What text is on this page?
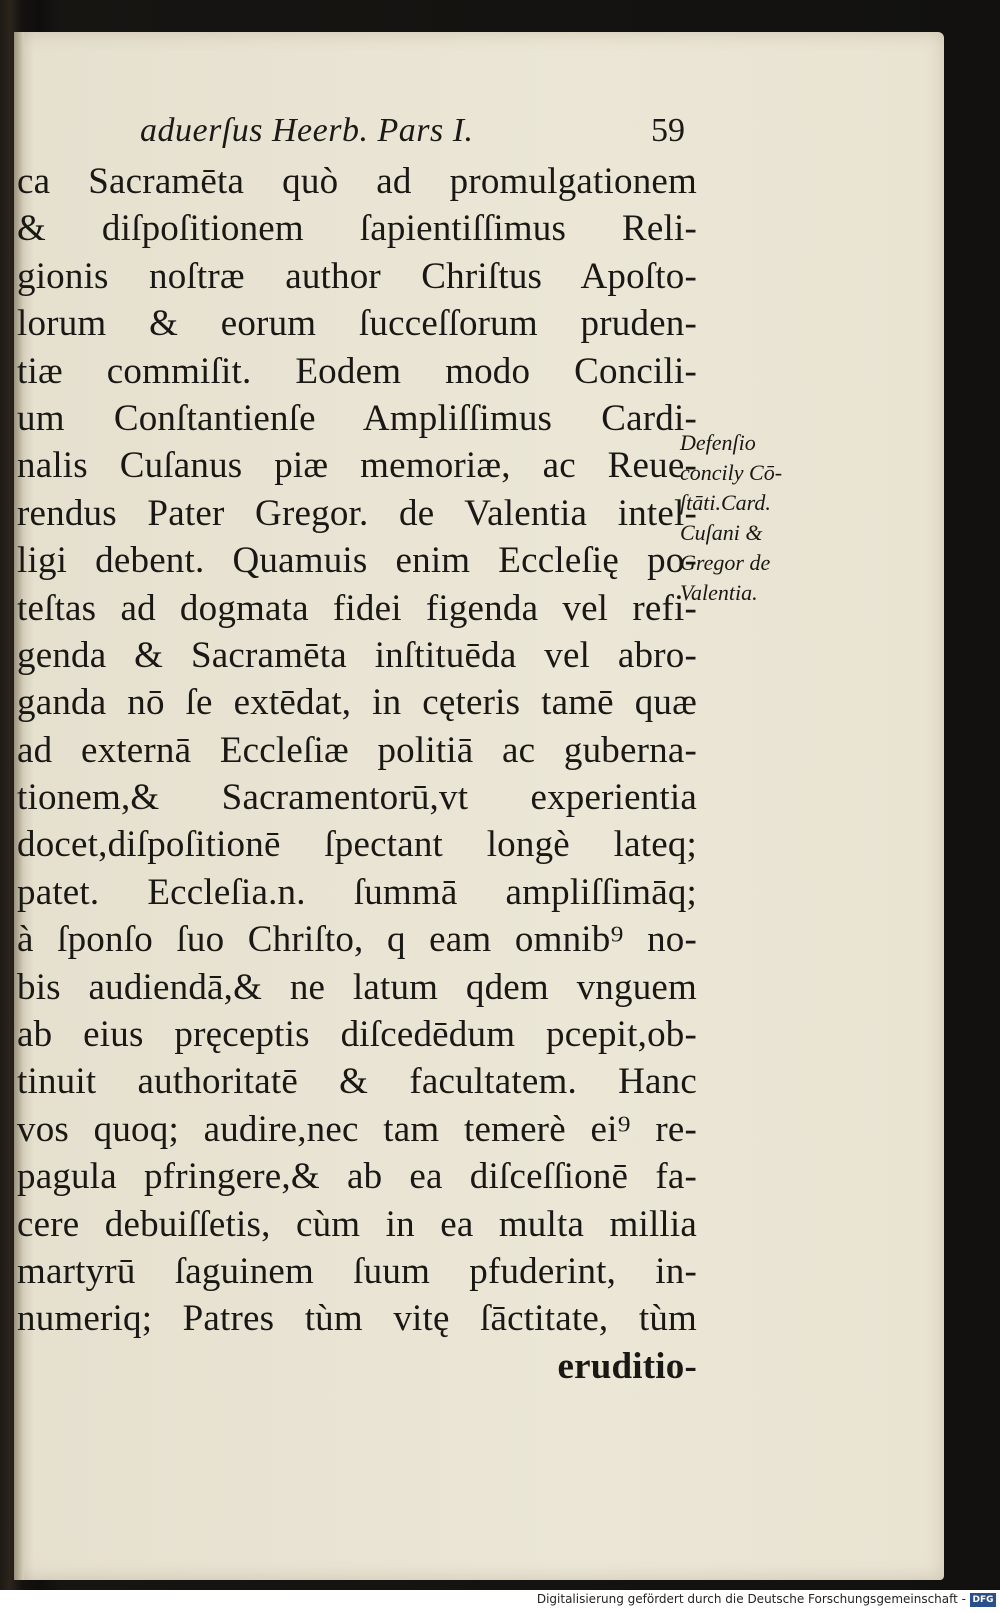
aduerſus Heerb. Pars I.	59
ca Sacramēta quò ad promulgationem
& diſpoſitionem ſapientiſſimus Reli-
gionis noſtræ author Chriſtus Apoſto-
lorum & eorum ſucceſſorum pruden-
tiæ commiſit. Eodem modo Concili-
um Conſtantienſe Ampliſſimus Cardi-
nalis Cuſanus piæ memoriæ, ac Reue-
rendus Pater Gregor. de Valentia intel-
ligi debent. Quamuis enim Eccleſię po-
teſtas ad dogmata fidei figenda vel refi-
genda & Sacramēta inſtituēda vel abro-
ganda nō ſe extēdat, in cęteris tamē quæ
ad externā Eccleſiæ politiā ac guberna-
tionem,& Sacramentorū,vt experientia
docet,diſpoſitionē ſpectant longè lateq;
patet. Eccleſia.n. ſummā ampliſſimāq;
à ſponſo ſuo Chriſto, q eam omnib⁹ no-
bis audiendā,& ne latum qdem vnguem
ab eius pręceptis diſcedēdum pcepit,ob-
tinuit authoritatē & facultatem. Hanc
vos quoq; audire,nec tam temerè ei⁹ re-
pagula pfringere,& ab ea diſceſſionē fa-
cere debuiſſetis, cùm in ea multa millia
martyrū ſaguinem ſuum pfuderint, in-
numeriq; Patres tùm vitę ſāctitate, tùm
eruditio-
Defenſio
concily Cō-
ſtāti.Card.
Cuſani &
Gregor de
Valentia.
Digitalisierung gefördert durch die Deutsche Forschungsgemeinschaft - DFG
